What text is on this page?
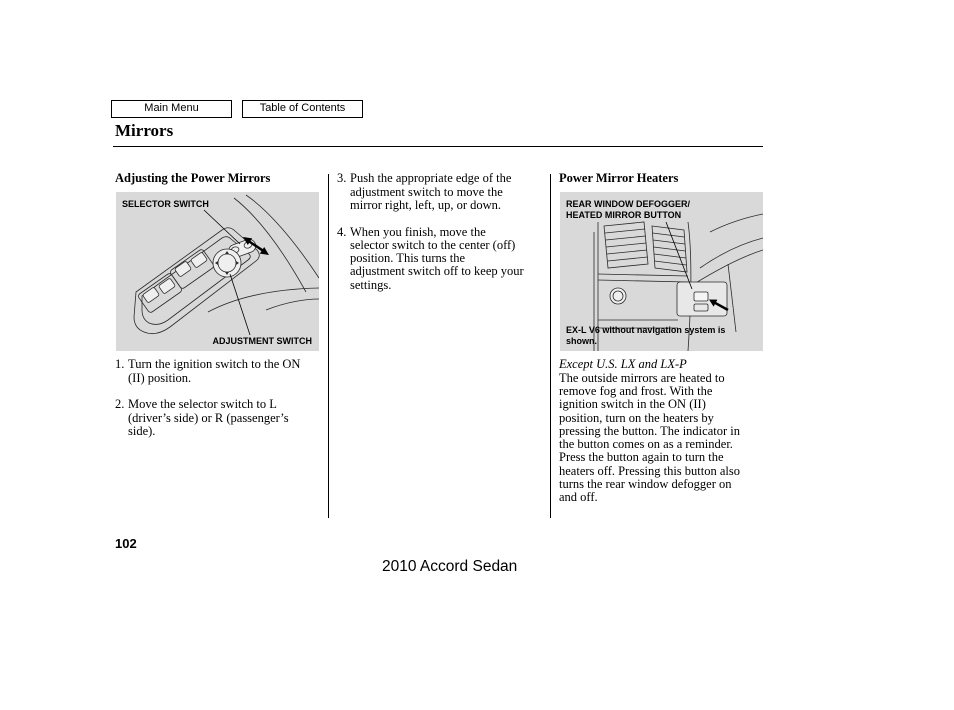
Main Menu	Table of Contents
Mirrors
Adjusting the Power Mirrors
SELECTOR SWITCH
ADJUSTMENT SWITCH
1. Turn the ignition switch to the ON
(II) position.
2. Move the selector switch to L
(driver’s side) or R (passenger’s
side).
3. Push the appropriate edge of the
adjustment switch to move the
mirror right, left, up, or down.
4. When you finish, move the
selector switch to the center (off)
position. This turns the
adjustment switch off to keep your
settings.
Power Mirror Heaters
REAR WINDOW DEFOGGER/
HEATED MIRROR BUTTON
EX-L V6 without navigation system is
shown.
Except U.S. LX and LX-P
The outside mirrors are heated to
remove fog and frost. With the
ignition switch in the ON (II)
position, turn on the heaters by
pressing the button. The indicator in
the button comes on as a reminder.
Press the button again to turn the
heaters off. Pressing this button also
turns the rear window defogger on
and off.
102
2010 Accord Sedan
